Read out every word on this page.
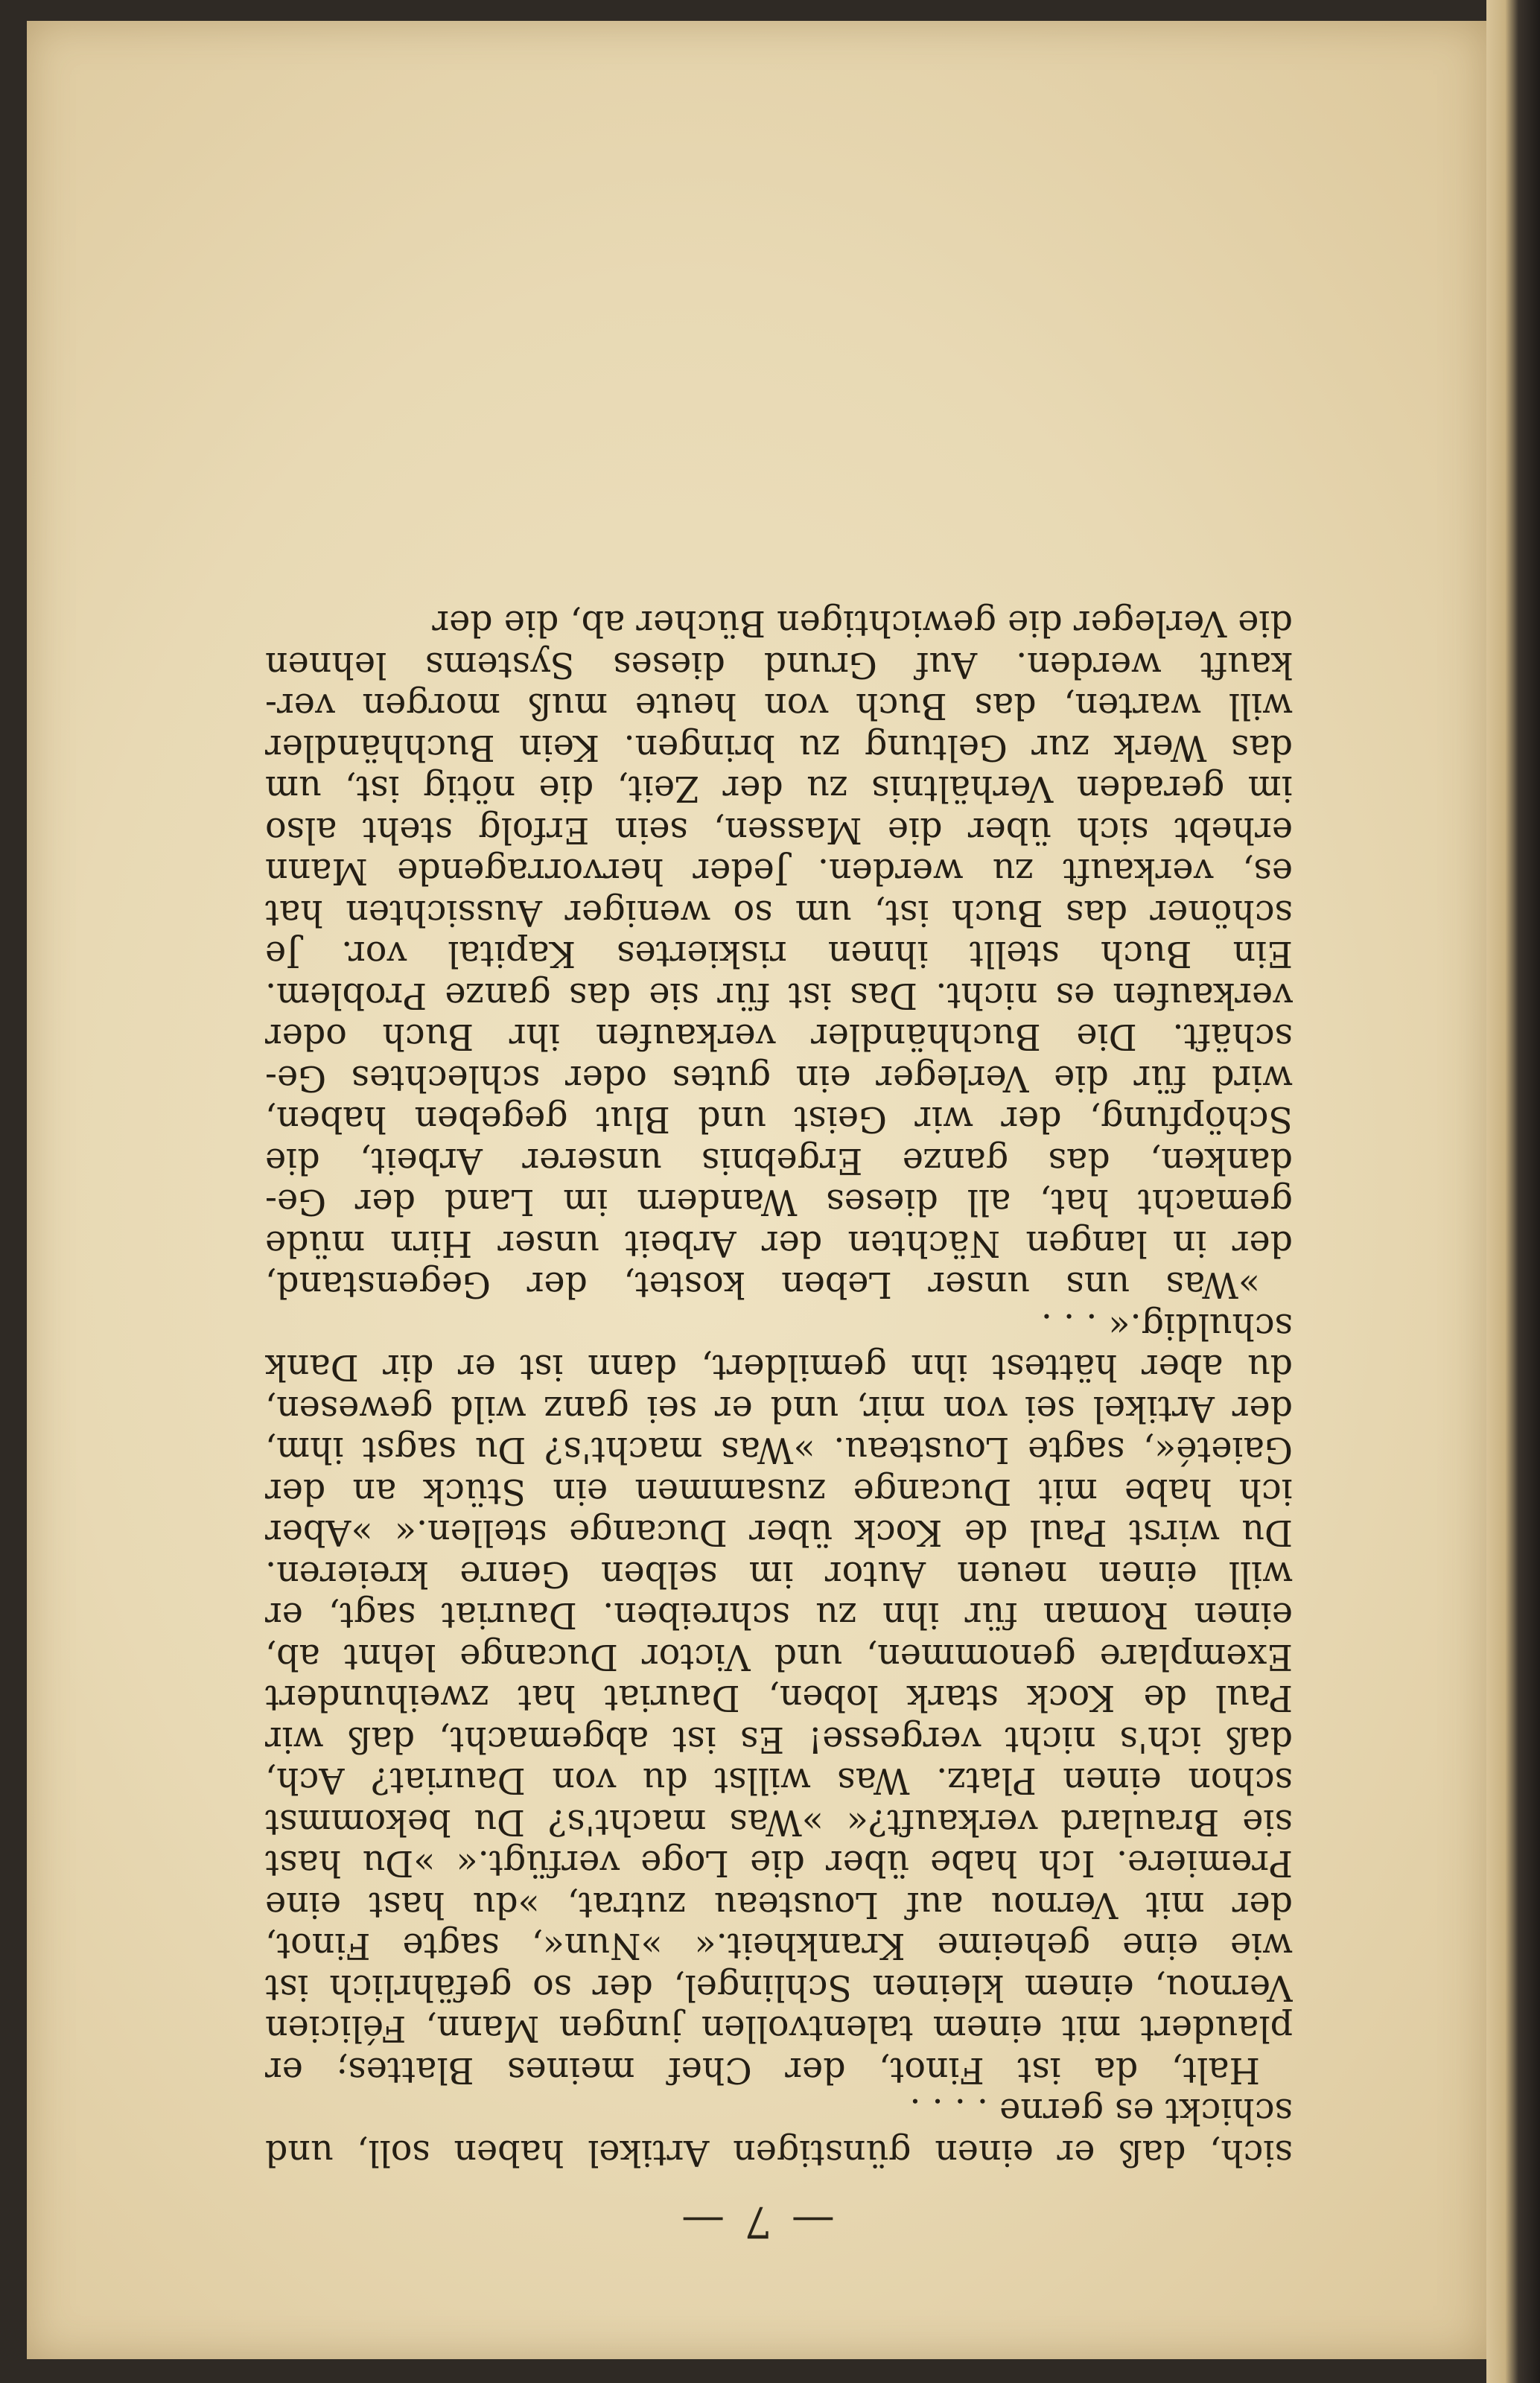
— 7 —
sich, daß er einen günstigen Artikel haben soll, und
schickt es gerne . . . .
Halt, da ist Finot, der Chef meines Blattes; er
plaudert mit einem talentvollen jungen Mann, Félicien
Vernou, einem kleinen Schlingel, der so gefährlich ist
wie eine geheime Krankheit.« »Nun«, sagte Finot,
der mit Vernou auf Lousteau zutrat, »du hast eine
Premiere. Ich habe über die Loge verfügt.« »Du hast
sie Braulard verkauft?« »Was macht's? Du bekommst
schon einen Platz. Was willst du von Dauriat? Ach,
daß ich's nicht vergesse! Es ist abgemacht, daß wir
Paul de Kock stark loben, Dauriat hat zweihundert
Exemplare genommen, und Victor Ducange lehnt ab,
einen Roman für ihn zu schreiben. Dauriat sagt, er
will einen neuen Autor im selben Genre kreieren.
Du wirst Paul de Kock über Ducange stellen.« »Aber
ich habe mit Ducange zusammen ein Stück an der
Gaieté«, sagte Lousteau. »Was macht's? Du sagst ihm,
der Artikel sei von mir, und er sei ganz wild gewesen,
du aber hättest ihn gemildert, dann ist er dir Dank
schuldig.« . . .
»Was uns unser Leben kostet, der Gegenstand,
der in langen Nächten der Arbeit unser Hirn müde
gemacht hat, all dieses Wandern im Land der Ge-
danken, das ganze Ergebnis unserer Arbeit, die
Schöpfung, der wir Geist und Blut gegeben haben,
wird für die Verleger ein gutes oder schlechtes Ge-
schäft. Die Buchhändler verkaufen ihr Buch oder
verkaufen es nicht. Das ist für sie das ganze Problem.
Ein Buch stellt ihnen riskiertes Kapital vor. Je
schöner das Buch ist, um so weniger Aussichten hat
es, verkauft zu werden. Jeder hervorragende Mann
erhebt sich über die Massen, sein Erfolg steht also
im geraden Verhältnis zu der Zeit, die nötig ist, um
das Werk zur Geltung zu bringen. Kein Buchhändler
will warten, das Buch von heute muß morgen ver-
kauft werden. Auf Grund dieses Systems lehnen
die Verleger die gewichtigen Bücher ab, die der
